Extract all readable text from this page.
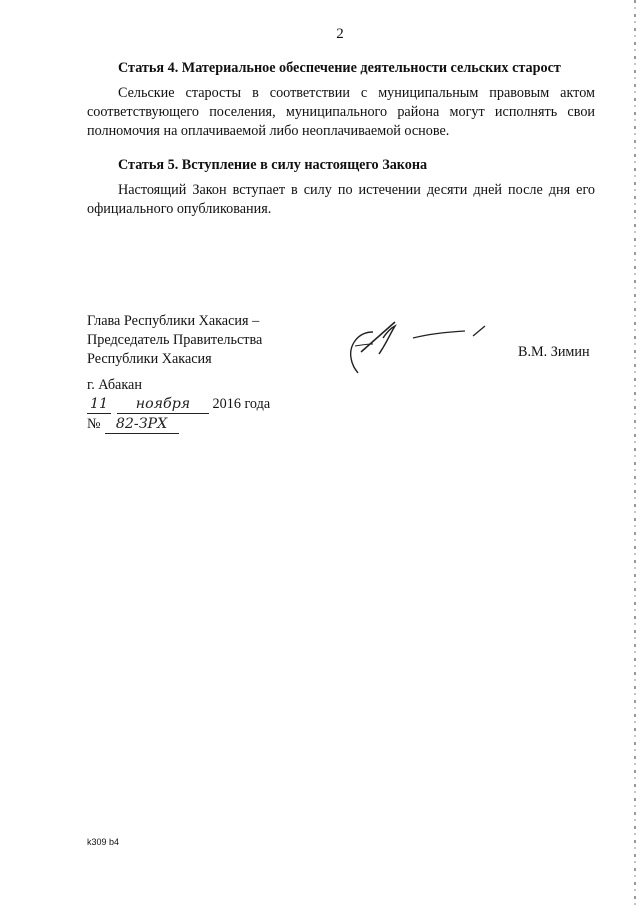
2
Статья 4. Материальное обеспечение деятельности сельских старост
Сельские старосты в соответствии с муниципальным правовым актом соответствующего поселения, муниципального района могут исполнять свои полномочия на оплачиваемой либо неоплачиваемой основе.
Статья 5. Вступление в силу настоящего Закона
Настоящий Закон вступает в силу по истечении десяти дней после дня его официального опубликования.
Глава Республики Хакасия –
Председатель Правительства
Республики Хакасия	В.М. Зимин
г. Абакан
11 ноября 2016 года
№ 82-ЗРХ
k309 b4
